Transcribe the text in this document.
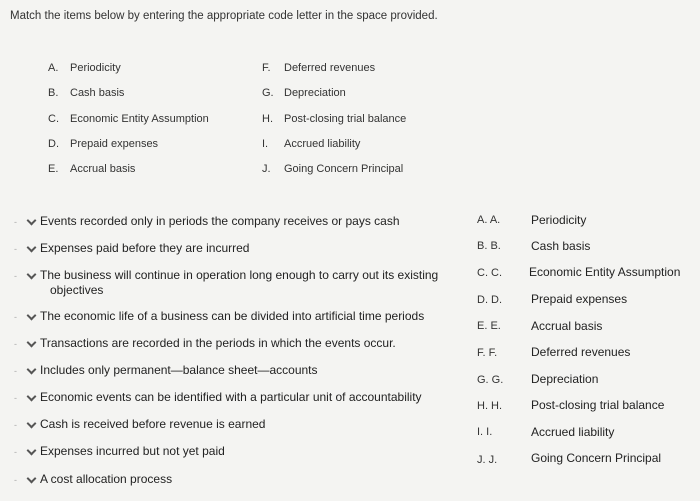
Match the items below by entering the appropriate code letter in the space provided.
A. Periodicity
B. Cash basis
C. Economic Entity Assumption
D. Prepaid expenses
E. Accrual basis
F. Deferred revenues
G. Depreciation
H. Post-closing trial balance
I. Accrued liability
J. Going Concern Principal
- Events recorded only in periods the company receives or pays cash
- Expenses paid before they are incurred
- The business will continue in operation long enough to carry out its existing
objectives
- The economic life of a business can be divided into artificial time periods
- Transactions are recorded in the periods in which the events occur.
- Includes only permanent—balance sheet—accounts
- Economic events can be identified with a particular unit of accountability
- Cash is received before revenue is earned
- Expenses incurred but not yet paid
- A cost allocation process
A. A.
B. B.
C. C.
D. D.
E. E.
F. F.
G. G.
H. H.
I. I.
J. J.
Periodicity
Cash basis
Economic Entity Assumption
Prepaid expenses
Accrual basis
Deferred revenues
Depreciation
Post-closing trial balance
Accrued liability
Going Concern Principal
